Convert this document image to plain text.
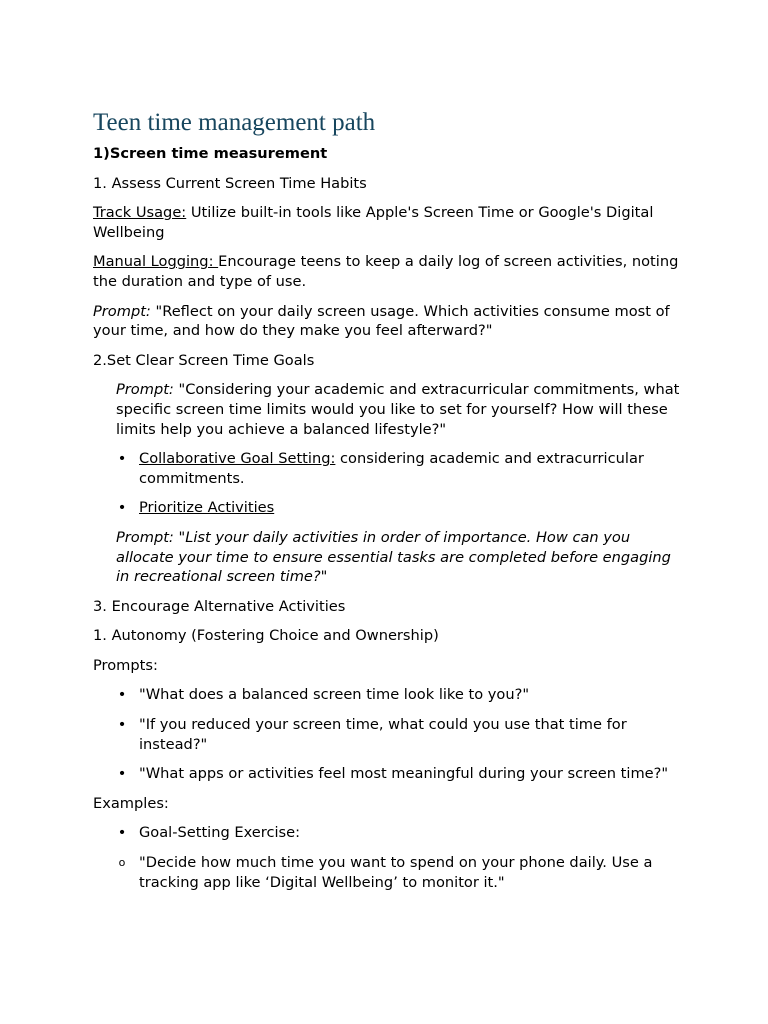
Teen time management path
1)Screen time measurement
1. Assess Current Screen Time Habits
Track Usage: Utilize built-in tools like Apple's Screen Time or Google's Digital Wellbeing
Manual Logging: Encourage teens to keep a daily log of screen activities, noting the duration and type of use.
Prompt: "Reflect on your daily screen usage. Which activities consume most of your time, and how do they make you feel afterward?"
2.Set Clear Screen Time Goals
Prompt: "Considering your academic and extracurricular commitments, what specific screen time limits would you like to set for yourself? How will these limits help you achieve a balanced lifestyle?"
• Collaborative Goal Setting: considering academic and extracurricular commitments.
• Prioritize Activities
Prompt: "List your daily activities in order of importance. How can you allocate your time to ensure essential tasks are completed before engaging in recreational screen time?"
3. Encourage Alternative Activities
1. Autonomy (Fostering Choice and Ownership)
Prompts:
• "What does a balanced screen time look like to you?"
• "If you reduced your screen time, what could you use that time for instead?"
• "What apps or activities feel most meaningful during your screen time?"
Examples:
• Goal-Setting Exercise:
o "Decide how much time you want to spend on your phone daily. Use a tracking app like ‘Digital Wellbeing’ to monitor it."
